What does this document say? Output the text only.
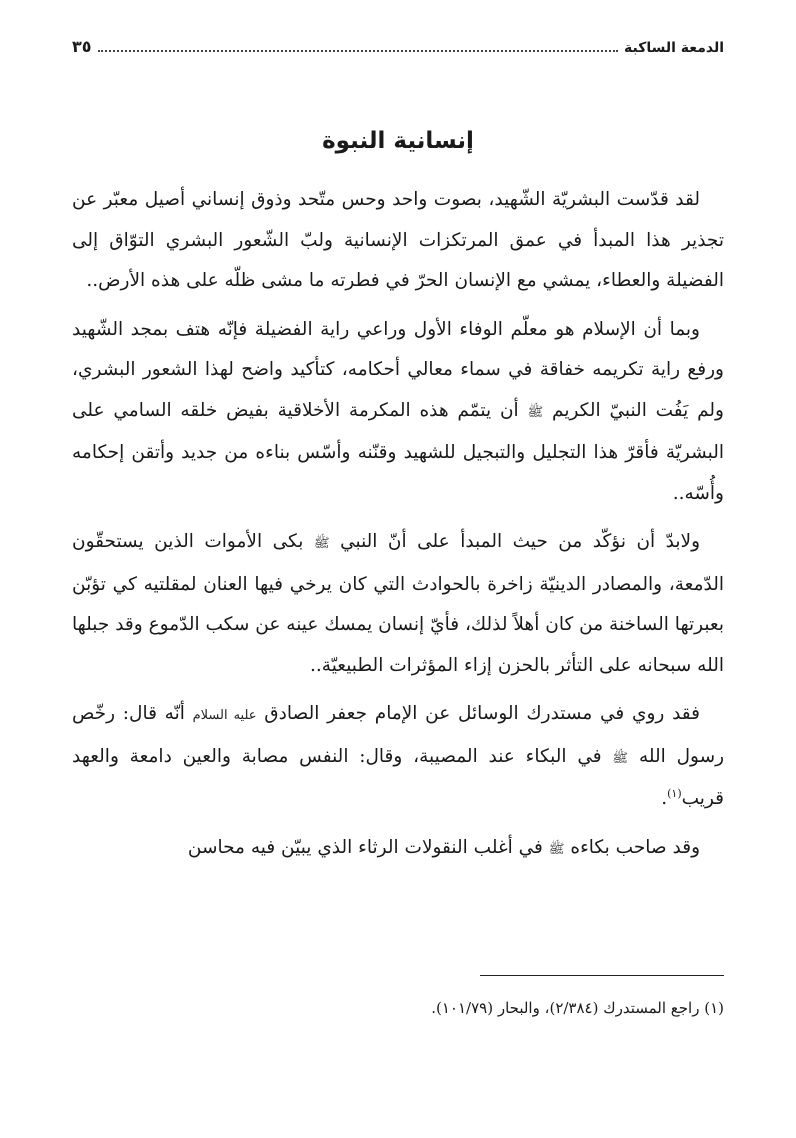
الدمعة الساكبة
٣٥
إنسانية النبوة

لقد قدّست البشريّة الشّهيد، بصوت واحد وحس متّحد وذوق إنساني أصيل معبّر عن تجذير هذا المبدأ في عمق المرتكزات الإنسانية ولبّ الشّعور البشري التوّاق إلى الفضيلة والعطاء، يمشي مع الإنسان الحرّ في فطرته ما مشى ظلّه على هذه الأرض..

وبما أن الإسلام هو معلّم الوفاء الأول وراعي راية الفضيلة فإنّه هتف بمجد الشّهيد ورفع راية تكريمه خفاقة في سماء معالي أحكامه، كتأكيد واضح لهذا الشعور البشري، ولم يَفُت النبيّ الكريم ﷺ أن يتمّم هذه المكرمة الأخلاقية بفيض خلقه السامي على البشريّة فأقرّ هذا التجليل والتبجيل للشهيد وقنّنه وأسّس بناءه من جديد وأتقن إحكامه وأُسّه..

ولابدّ أن نؤكّد من حيث المبدأ على أنّ النبي ﷺ بكى الأموات الذين يستحقّون الدّمعة، والمصادر الدينيّة زاخرة بالحوادث التي كان يرخي فيها العنان لمقلتيه كي تؤبّن بعبرتها الساخنة من كان أهلاً لذلك، فأيّ إنسان يمسك عينه عن سكب الدّموع وقد جبلها الله سبحانه على التأثر بالحزن إزاء المؤثرات الطبيعيّة..

فقد روي في مستدرك الوسائل عن الإمام جعفر الصادق عليه السلام أنّه قال: رخّص رسول الله ﷺ في البكاء عند المصيبة، وقال: النفس مصابة والعين دامعة والعهد قريب$^{(١)}$.

وقد صاحب بكاءه ﷺ في أغلب النقولات الرثاء الذي يبيّن فيه محاسن

(١) راجع المستدرك (٢/٣٨٤)، والبحار (١٠١/٧٩).
